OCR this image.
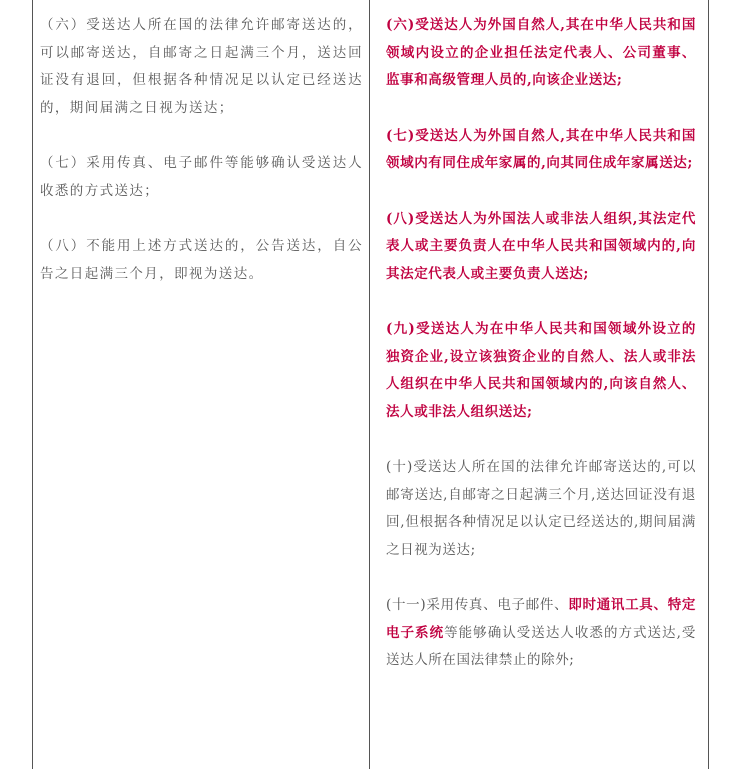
（六）受送达人所在国的法律允许邮寄送达的，可以邮寄送达，自邮寄之日起满三个月，送达回证没有退回，但根据各种情况足以认定已经送达的，期间届满之日视为送达；

（七）采用传真、电子邮件等能够确认受送达人收悉的方式送达；

（八）不能用上述方式送达的，公告送达，自公告之日起满三个月，即视为送达。

(六)受送达人为外国自然人,其在中华人民共和国领域内设立的企业担任法定代表人、公司董事、监事和高级管理人员的,向该企业送达;

(七)受送达人为外国自然人,其在中华人民共和国领域内有同住成年家属的,向其同住成年家属送达;

(八)受送达人为外国法人或非法人组织,其法定代表人或主要负责人在中华人民共和国领域内的,向其法定代表人或主要负责人送达;

(九)受送达人为在中华人民共和国领域外设立的独资企业,设立该独资企业的自然人、法人或非法人组织在中华人民共和国领域内的,向该自然人、法人或非法人组织送达;

(十)受送达人所在国的法律允许邮寄送达的,可以邮寄送达,自邮寄之日起满三个月,送达回证没有退回,但根据各种情况足以认定已经送达的,期间届满之日视为送达;

(十一)采用传真、电子邮件、即时通讯工具、特定电子系统等能够确认受送达人收悉的方式送达,受送达人所在国法律禁止的除外;
